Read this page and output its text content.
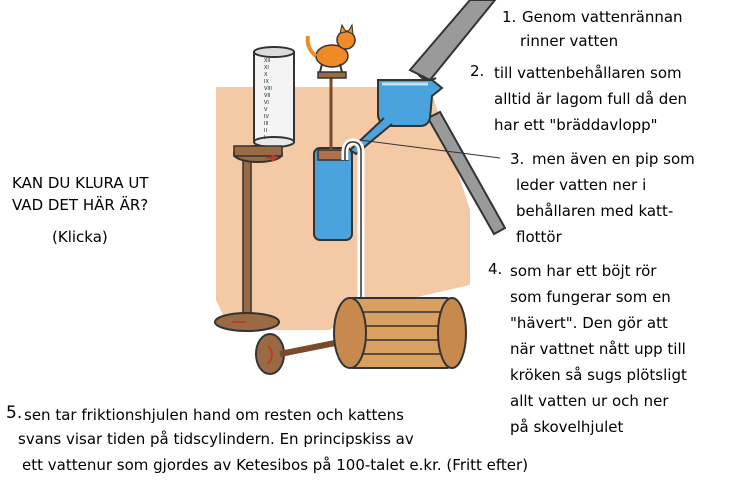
XII
XI
X
IX
VIII
VII
VI
V
IV
III
II
I
KAN DU KLURA UT
VAD DET HÄR ÄR?
(Klicka)
1. Genom vattenrännan
rinner vatten
2. till vattenbehållaren som
alltid är lagom full då den
har ett "bräddavlopp"
3. men även en pip som
leder vatten ner i
behållaren med katt-
flottör
4. som har ett böjt rör
som fungerar som en
"hävert". Den gör att
när vattnet nått upp till
kröken så sugs plötsligt
allt vatten ur och ner
på skovelhjulet
5. sen tar friktionshjulen hand om resten och kattens
svans visar tiden på tidscylindern. En principskiss av
ett vattenur som gjordes av Ketesibos på 100-talet e.kr. (Fritt efter)
